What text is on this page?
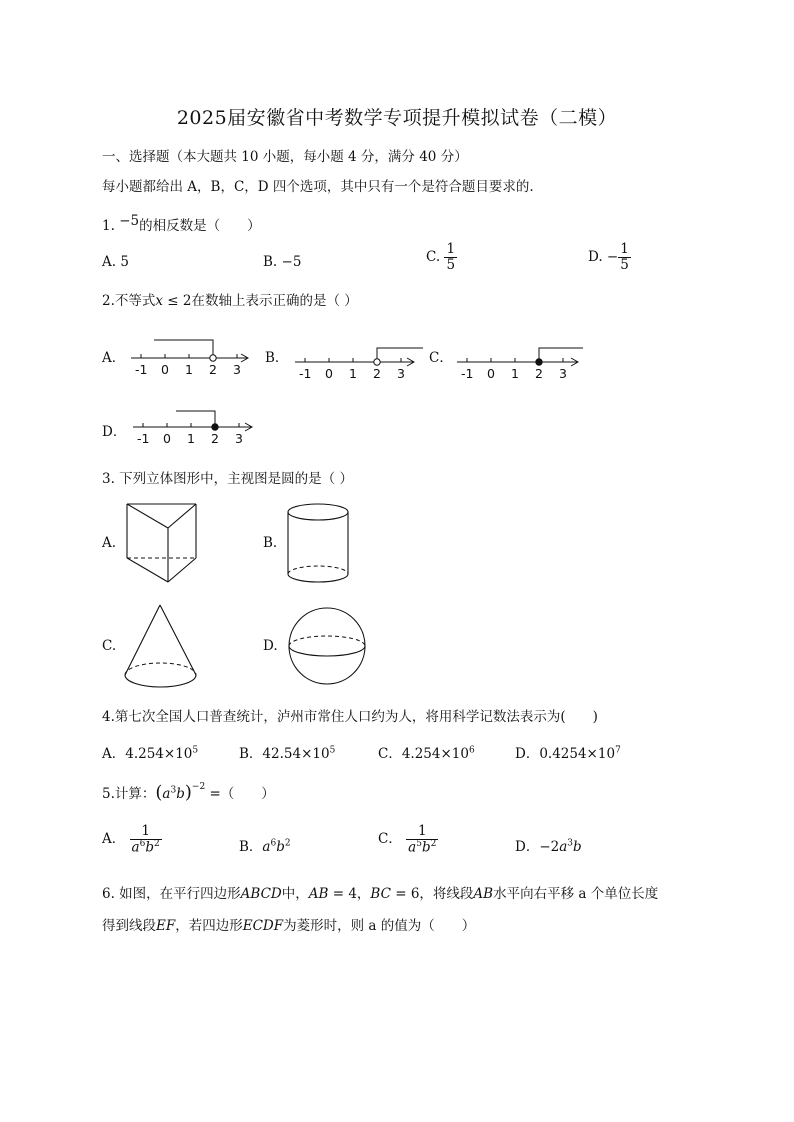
2025届安徽省中考数学专项提升模拟试卷（二模）
一、选择题（本大题共 10 小题，每小题 4 分，满分 40 分）
每小题都给出 A，B，C，D 四个选项，其中只有一个是符合题目要求的.
1. −5的相反数是（　　）
A. 5	B. −5	C. $\frac{1}{5}$	D. − $\frac{1}{5}$
2.不等式x ≤ 2在数轴上表示正确的是（ ）
A．	B．	C．
D．
-1 0 1 2 3	-1 0 1 2 3	-1 0 1 2 3
-1 0 1 2 3
3. 下列立体图形中，主视图是圆的是（ ）
A.	B.
C.	D.
4.第七次全国人口普查统计，泸州市常住人口约为人，将用科学记数法表示为(　　)
A．$4.254\times 10^5$	B．$42.54\times 10^5$	C．$4.254\times 10^6$	D．$0.4254\times 10^7$
5.计算：$(a^3b)^{-2}$ =（　　）
A． $\frac{1}{a^6b^2}$	B．$a^6b^2$	C． $\frac{1}{a^5b^2}$	D．$-2a^3b$
6. 如图，在平行四边形ABCD中，AB = 4，BC = 6，将线段AB水平向右平移 a 个单位长度
得到线段EF，若四边形ECDF为菱形时，则 a 的值为（　　）
